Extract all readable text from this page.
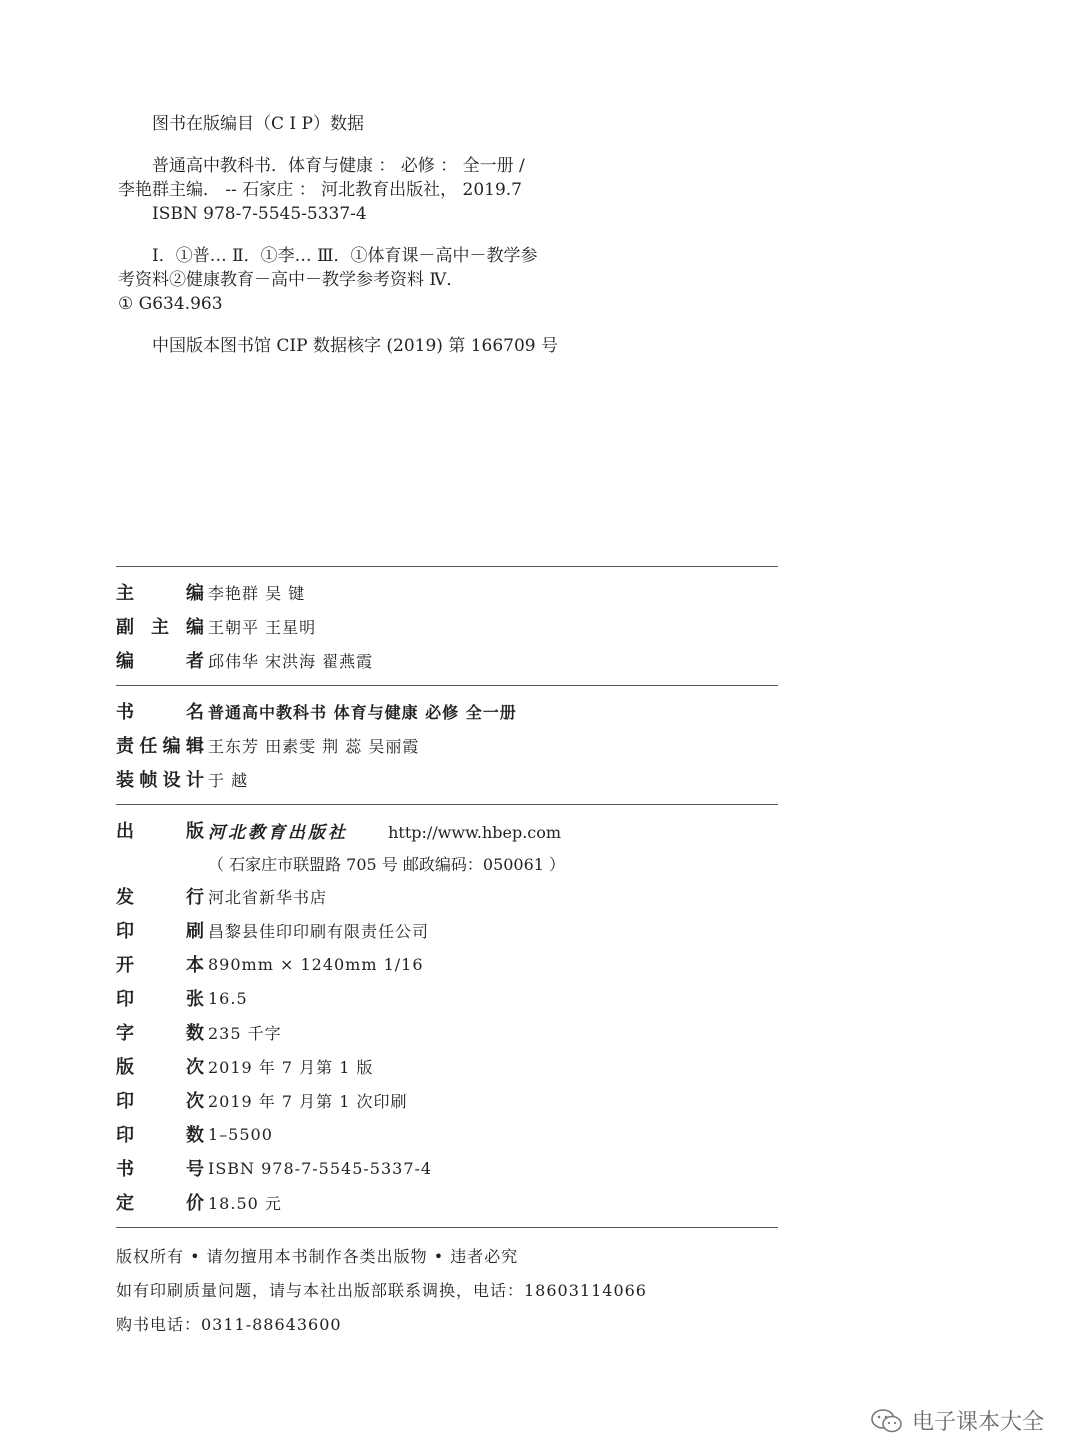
图书在版编目（C I P）数据
普通高中教科书．体育与健康 ： 必修 ： 全一册 /
李艳群主编． -- 石家庄 ： 河北教育出版社， 2019.7
ISBN 978-7-5545-5337-4
Ⅰ．①普… Ⅱ．①李… Ⅲ．①体育课－高中－教学参
考资料②健康教育－高中－教学参考资料 Ⅳ．
① G634.963
中国版本图书馆 CIP 数据核字 (2019) 第 166709 号
主	编 李艳群 吴 键
副 主 编 王朝平 王星明
编	者 邱伟华 宋洪海 翟燕霞
书	名 普通高中教科书 体育与健康 必修 全一册
责 任 编 辑 王东芳 田素雯 荆 蕊 吴丽霞
装 帧 设 计 于 越
出	版 河北教育出版社	http://www.hbep.com
（ 石家庄市联盟路 705 号 邮政编码：050061 ）
发	行 河北省新华书店
印	刷 昌黎县佳印印刷有限责任公司
开	本 890mm × 1240mm 1/16
印	张 16.5
字	数 235 千字
版	次 2019 年 7 月第 1 版
印	次 2019 年 7 月第 1 次印刷
印	数 1–5500
书	号 ISBN 978-7-5545-5337-4
定	价 18.50 元
版权所有 • 请勿擅用本书制作各类出版物 • 违者必究
如有印刷质量问题，请与本社出版部联系调换，电话：18603114066
购书电话：0311-88643600
电子课本大全
